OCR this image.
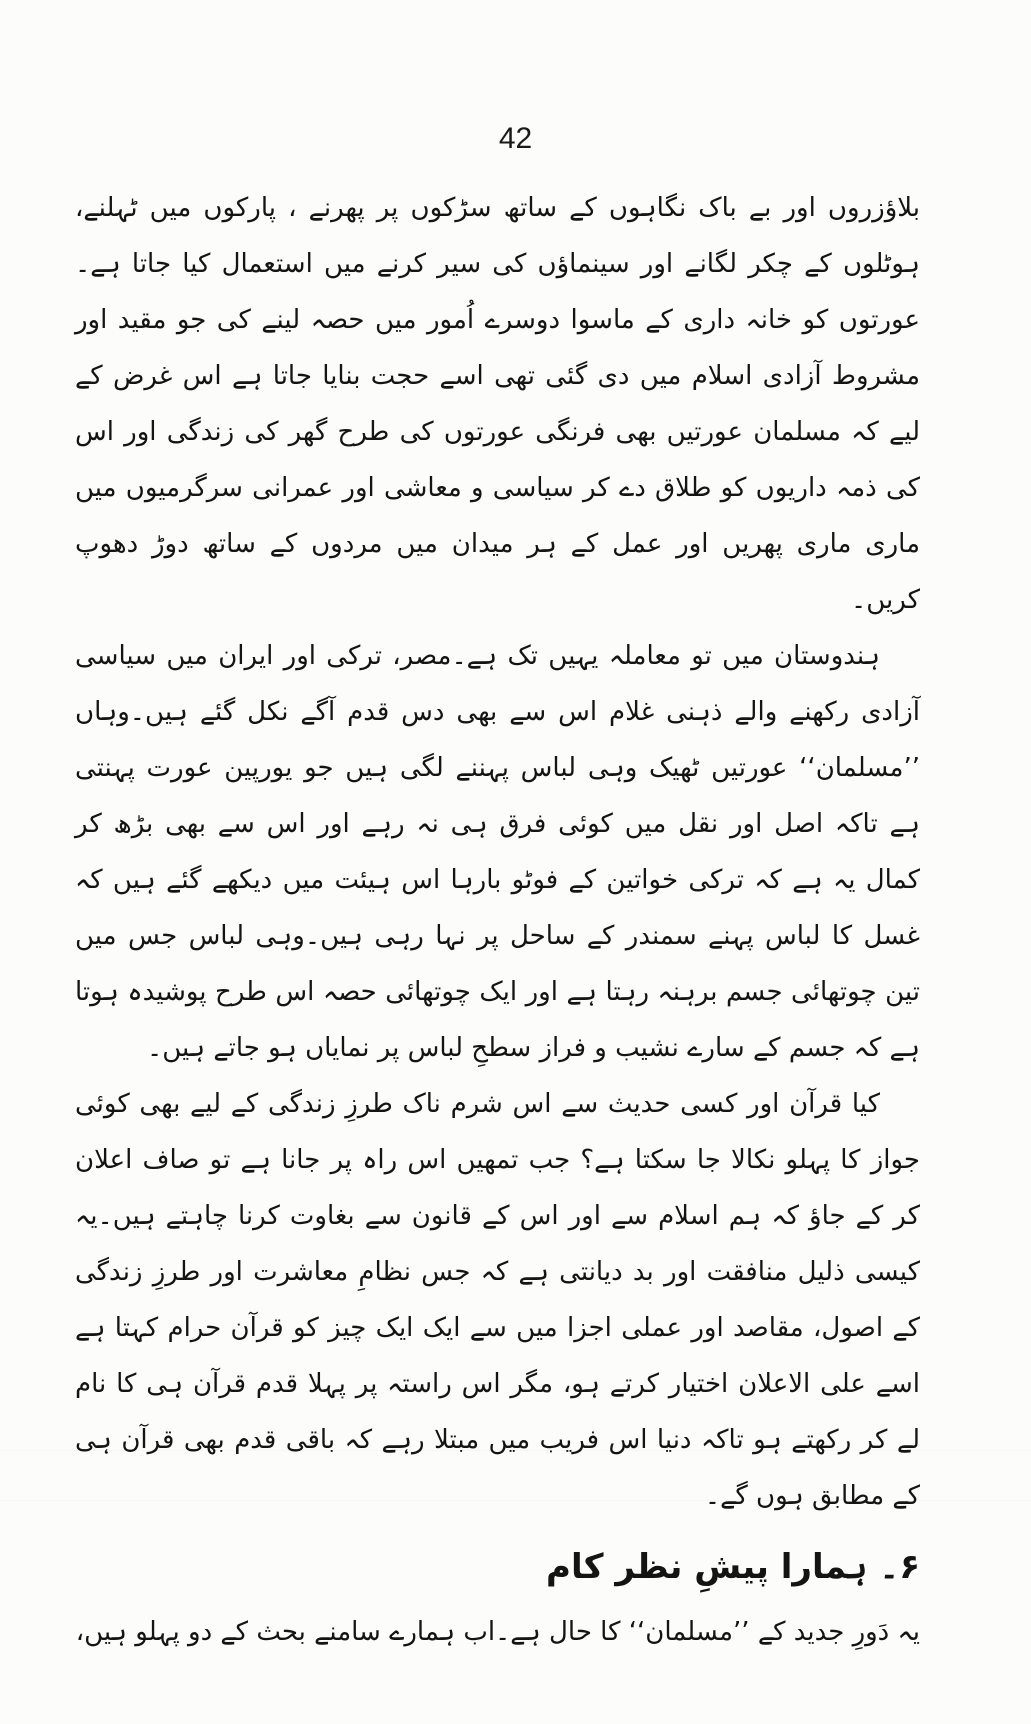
42

بلاؤزروں اور بے باک نگاہوں کے ساتھ سڑکوں پر پھرنے ، پارکوں میں ٹہلنے، ہوٹلوں کے چکر لگانے اور سینماؤں کی سیر کرنے میں استعمال کیا جاتا ہے۔عورتوں کو خانہ داری کے ماسوا دوسرے اُمور میں حصہ لینے کی جو مقید اور مشروط آزادی اسلام میں دی گئی تھی اسے حجت بنایا جاتا ہے اس غرض کے لیے کہ مسلمان عورتیں بھی فرنگی عورتوں کی طرح گھر کی زندگی اور اس کی ذمہ داریوں کو طلاق دے کر سیاسی و معاشی اور عمرانی سرگرمیوں میں ماری ماری پھریں اور عمل کے ہر میدان میں مردوں کے ساتھ دوڑ دھوپ کریں۔

ہندوستان میں تو معاملہ یہیں تک ہے۔مصر، ترکی اور ایران میں سیاسی آزادی رکھنے والے ذہنی غلام اس سے بھی دس قدم آگے نکل گئے ہیں۔وہاں ’’مسلمان‘‘ عورتیں ٹھیک وہی لباس پہننے لگی ہیں جو یورپین عورت پہنتی ہے تاکہ اصل اور نقل میں کوئی فرق ہی نہ رہے اور اس سے بھی بڑھ کر کمال یہ ہے کہ ترکی خواتین کے فوٹو بارہا اس ہیئت میں دیکھے گئے ہیں کہ غسل کا لباس پہنے سمندر کے ساحل پر نہا رہی ہیں۔وہی لباس جس میں تین چوتھائی جسم برہنہ رہتا ہے اور ایک چوتھائی حصہ اس طرح پوشیدہ ہوتا ہے کہ جسم کے سارے نشیب و فراز سطحِ لباس پر نمایاں ہو جاتے ہیں۔

کیا قرآن اور کسی حدیث سے اس شرم ناک طرزِ زندگی کے لیے بھی کوئی جواز کا پہلو نکالا جا سکتا ہے؟ جب تمھیں اس راہ پر جانا ہے تو صاف اعلان کر کے جاؤ کہ ہم اسلام سے اور اس کے قانون سے بغاوت کرنا چاہتے ہیں۔یہ کیسی ذلیل منافقت اور بد دیانتی ہے کہ جس نظامِ معاشرت اور طرزِ زندگی کے اصول، مقاصد اور عملی اجزا میں سے ایک ایک چیز کو قرآن حرام کہتا ہے اسے علی الاعلان اختیار کرتے ہو، مگر اس راستہ پر پہلا قدم قرآن ہی کا نام لے کر رکھتے ہو تاکہ دنیا اس فریب میں مبتلا رہے کہ باقی قدم بھی قرآن ہی کے مطابق ہوں گے۔

۶۔ ہمارا پیشِ نظر کام

یہ دَورِ جدید کے ’’مسلمان‘‘ کا حال ہے۔اب ہمارے سامنے بحث کے دو پہلو ہیں،
